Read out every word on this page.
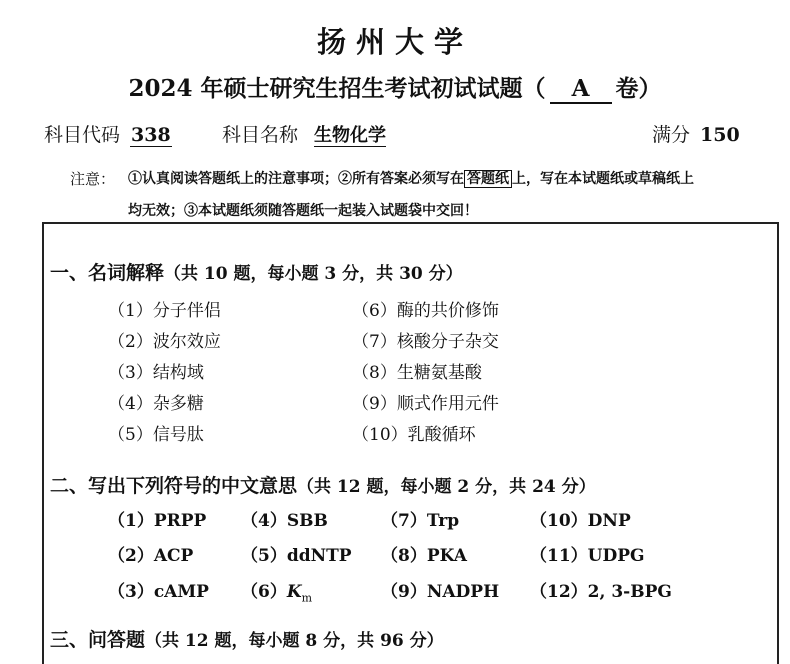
扬州大学
2024 年硕士研究生招生考试初试试题（ A 卷）
科目代码 338	科目名称 生物化学	满分 150
注意： ①认真阅读答题纸上的注意事项；②所有答案必须写在 答题纸 上，写在本试题纸或草稿纸上
均无效；③本试题纸须随答题纸一起装入试题袋中交回！
一、名词解释（共 10 题，每小题 3 分，共 30 分）
（1）分子伴侣
（2）波尔效应
（3）结构域
（4）杂多糖
（5）信号肽
（6）酶的共价修饰
（7）核酸分子杂交
（8）生糖氨基酸
（9）顺式作用元件
（10）乳酸循环
二、写出下列符号的中文意思（共 12 题，每小题 2 分，共 24 分）
（1）PRPP
（2）ACP
（3）cAMP
（4）SBB
（5）ddNTP
$(6)K_m$
（7）Trp
（8）PKA
（9）NADPH
（10）DNP
（11）UDPG
（12）2, 3-BPG
三、问答题（共 12 题，每小题 8 分，共 96 分）
